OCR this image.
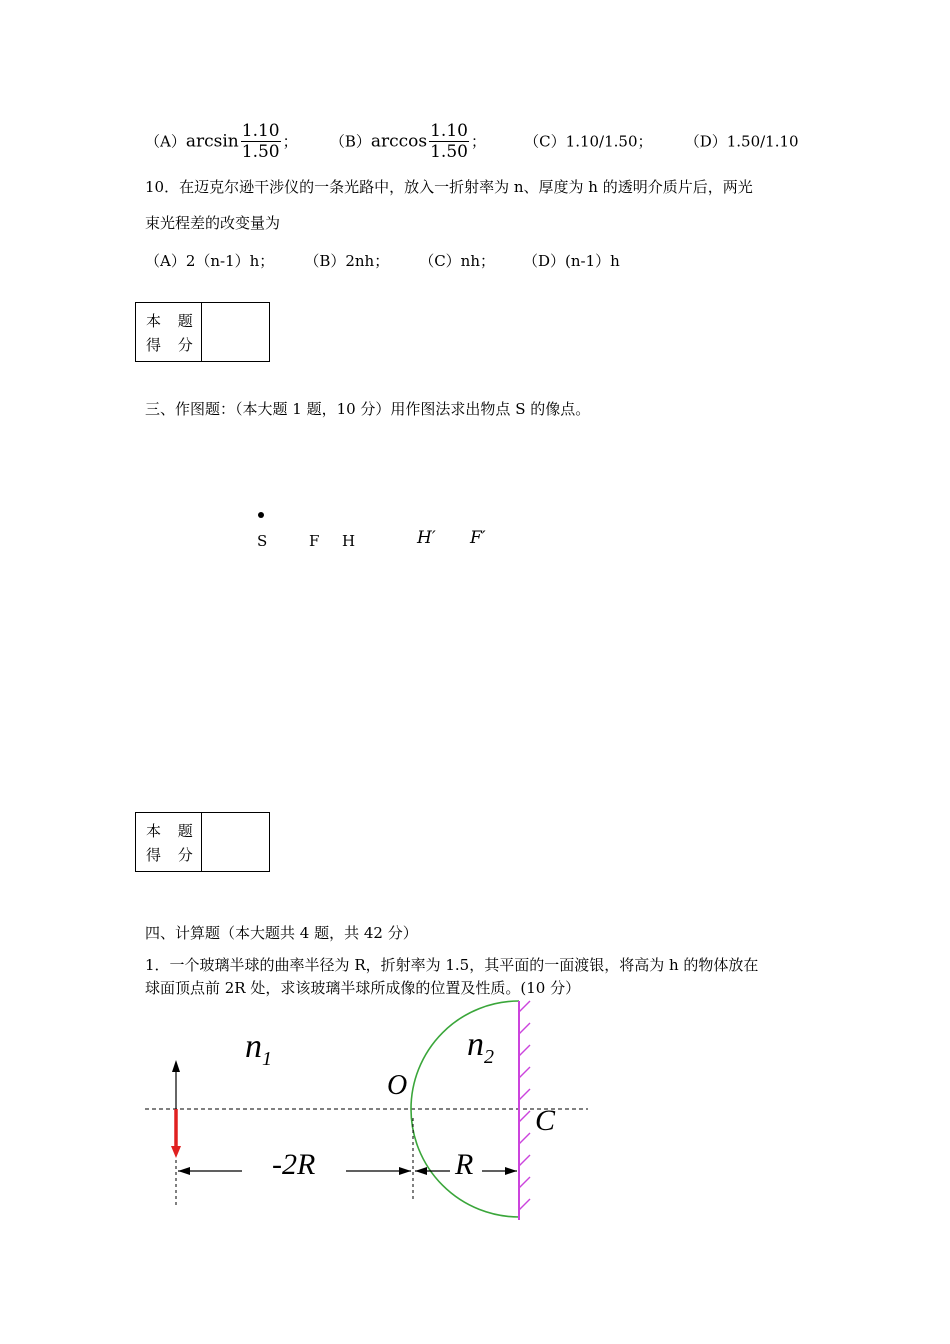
$(A)\arcsin \frac{1.10}{1.50}$ ； $(B)\arccos \frac{1.10}{1.50}$ ；	（C）1.10/1.50； （D）1.50/1.10
10．在迈克尔逊干涉仪的一条光路中，放入一折射率为 n、厚度为 h 的透明介质片后，两光
束光程差的改变量为
（A）2（n-1）h； （B）2nh； （C）nh； （D）(n-1）h
本 题
得 分
三、作图题：（本大题 1 题，10 分）用作图法求出物点 S 的像点。
S	F H	H′ F′
本 题
得 分
四、计算题（本大题共 4 题，共 42 分）
1．一个玻璃半球的曲率半径为 R，折射率为 1.5，其平面的一面渡银，将高为 h 的物体放在
球面顶点前 2R 处，求该玻璃半球所成像的位置及性质。(10 分）
$n_1$	$n_2$
O
C
-2R	R
